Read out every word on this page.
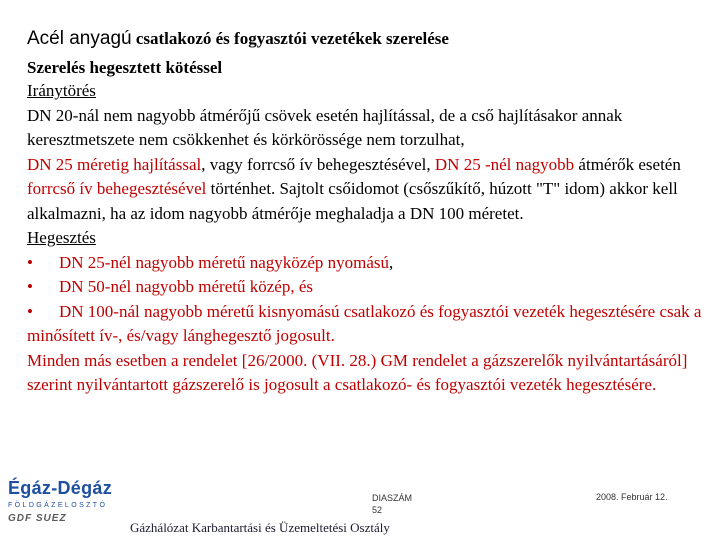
Acél anyagú csatlakozó és fogyasztói vezetékek szerelése
Szerelés hegesztett kötéssel
Iránytörés
DN 20-nál nem nagyobb átmérőjű csövek esetén hajlítással, de a cső hajlításakor annak keresztmetszete nem csökkenhet és körkörössége nem torzulhat,
DN 25 méretig hajlítással, vagy forrcső ív behegesztésével, DN 25 -nél nagyobb átmérők esetén forrcső ív behegesztésével történhet. Sajtolt csőidomot (csőszűkítő, húzott "T" idom) akkor kell alkalmazni, ha az idom nagyobb átmérője meghaladja a DN 100 méretet.
Hegesztés
• DN 25-nél nagyobb méretű nagyközép nyomású,
• DN 50-nél nagyobb méretű közép, és
• DN 100-nál nagyobb méretű kisnyomású csatlakozó és fogyasztói vezeték hegesztésére csak a minősített ív-, és/vagy lánghegesztő jogosult.
Minden más esetben a rendelet [26/2000. (VII. 28.) GM rendelet a gázszerelők nyilvántartásáról] szerint nyilvántartott gázszerelő is jogosult a csatlakozó- és fogyasztói vezeték hegesztésére.
Égáz-Dégáz
FÖLDGÁZELOSZTÓ
GDF SUEZ
DIASZÁM
52
2008. Február 12.
Gázhálózat Karbantartási és Üzemeltetési Osztály
